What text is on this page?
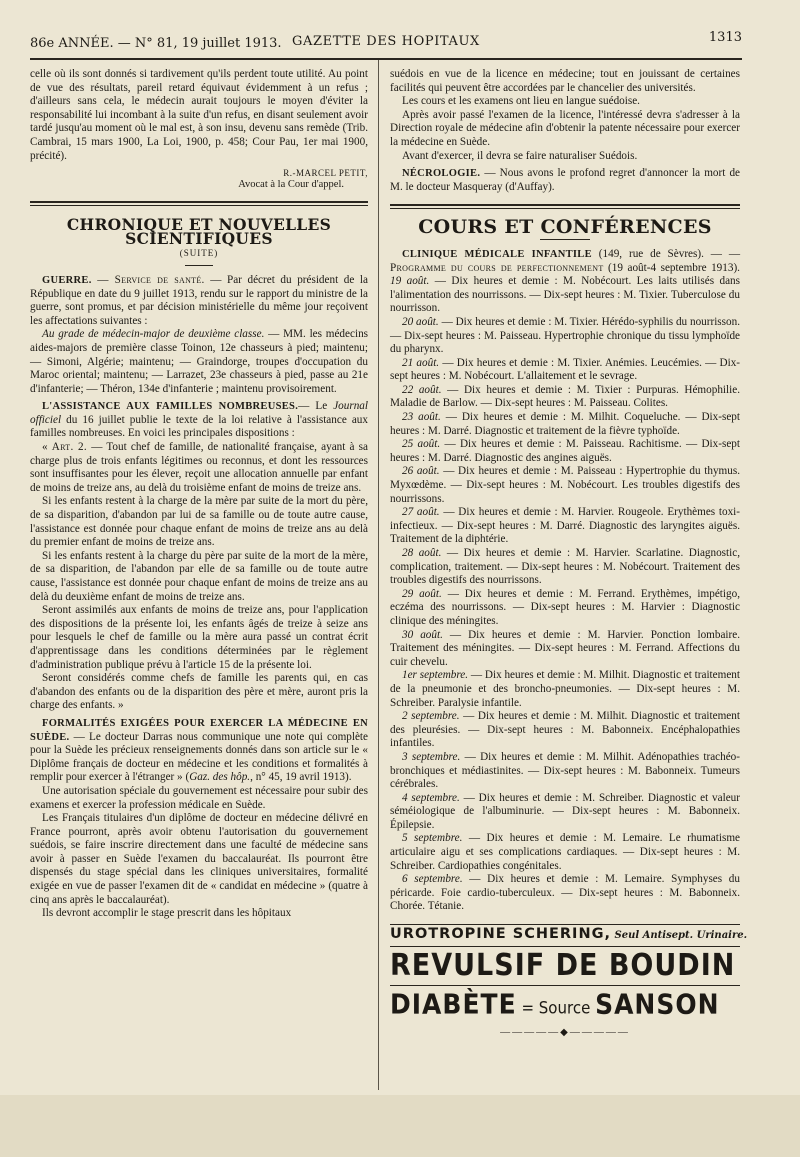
86e ANNÉE. — N° 81, 19 juillet 1913. GAZETTE DES HOPITAUX	1313

celle où ils sont donnés si tardivement qu'ils perdent toute utilité. Au point de vue des résultats, pareil retard équivaut évidemment à un refus ; d'ailleurs sans cela, le médecin aurait toujours le moyen d'éviter la responsabilité lui incombant à la suite d'un refus, en disant seulement avoir tardé jusqu'au moment où le mal est, à son insu, devenu sans remède (Trib. Cambrai, 15 mars 1900, La Loi, 1900, p. 458; Cour Pau, 1er mai 1900, précité).

R.-MARCEL PETIT,
Avocat à la Cour d'appel.
CHRONIQUE ET NOUVELLES SCIENTIFIQUES
(SUITE)

GUERRE. — Service de santé. — Par décret du président de la République en date du 9 juillet 1913, rendu sur le rapport du ministre de la guerre, sont promus, et par décision ministérielle du même jour reçoivent les affectations suivantes :

Au grade de médecin-major de deuxième classe. — MM. les médecins aides-majors de première classe Toinon, 12e chasseurs à pied; maintenu; — Simoni, Algérie; maintenu; — Graindorge, troupes d'occupation du Maroc oriental; maintenu; — Larrazet, 23e chasseurs à pied, passe au 21e d'infanterie; — Théron, 134e d'infanterie ; maintenu provisoirement.

L'ASSISTANCE AUX FAMILLES NOMBREUSES.— Le Journal officiel du 16 juillet publie le texte de la loi relative à l'assistance aux familles nombreuses. En voici les principales dispositions :

« Art. 2. — Tout chef de famille, de nationalité française, ayant à sa charge plus de trois enfants légitimes ou reconnus, et dont les ressources sont insuffisantes pour les élever, reçoit une allocation annuelle par enfant de moins de treize ans, au delà du troisième enfant de moins de treize ans.

Si les enfants restent à la charge de la mère par suite de la mort du père, de sa disparition, d'abandon par lui de sa famille ou de toute autre cause, l'assistance est donnée pour chaque enfant de moins de treize ans au delà du premier enfant de moins de treize ans.

Si les enfants restent à la charge du père par suite de la mort de la mère, de sa disparition, de l'abandon par elle de sa famille ou de toute autre cause, l'assistance est donnée pour chaque enfant de moins de treize ans au delà du deuxième enfant de moins de treize ans.

Seront assimilés aux enfants de moins de treize ans, pour l'application des dispositions de la présente loi, les enfants âgés de treize à seize ans pour lesquels le chef de famille ou la mère aura passé un contrat écrit d'apprentissage dans les conditions déterminées par le règlement d'administration publique prévu à l'article 15 de la présente loi.

Seront considérés comme chefs de famille les parents qui, en cas d'abandon des enfants ou de la disparition des père et mère, auront pris la charge des enfants. »

FORMALITÉS EXIGÉES POUR EXERCER LA MÉDECINE EN SUÈDE. — Le docteur Darras nous communique une note qui complète pour la Suède les précieux renseignements donnés dans son article sur le « Diplôme français de docteur en médecine et les conditions et formalités à remplir pour exercer à l'étranger » (Gaz. des hôp., n° 45, 19 avril 1913).

Une autorisation spéciale du gouvernement est nécessaire pour subir des examens et exercer la profession médicale en Suède.

Les Français titulaires d'un diplôme de docteur en médecine délivré en France pourront, après avoir obtenu l'autorisation du gouvernement suédois, se faire inscrire directement dans une faculté de médecine sans avoir à passer en Suède l'examen du baccalauréat. Ils pourront être dispensés du stage spécial dans les cliniques universitaires, formalité exigée en vue de passer l'examen dit de « candidat en médecine » (quatre à cinq ans après le baccalauréat).

Ils devront accomplir le stage prescrit dans les hôpitaux

suédois en vue de la licence en médecine; tout en jouissant de certaines facilités qui peuvent être accordées par le chancelier des universités.

Les cours et les examens ont lieu en langue suédoise.

Après avoir passé l'examen de la licence, l'intéressé devra s'adresser à la Direction royale de médecine afin d'obtenir la patente nécessaire pour exercer la médecine en Suède.

Avant d'exercer, il devra se faire naturaliser Suédois.

NÉCROLOGIE. — Nous avons le profond regret d'annoncer la mort de M. le docteur Masqueray (d'Auffay).

COURS ET CONFÉRENCES

CLINIQUE MÉDICALE INFANTILE (149, rue de Sèvres). — — Programme du cours de perfectionnement (19 août-4 septembre 1913). 19 août. — Dix heures et demie : M. Nobécourt. Les laits utilisés dans l'alimentation des nourrissons. — Dix-sept heures : M. Tixier. Tuberculose du nourrisson.

20 août. — Dix heures et demie : M. Tixier. Hérédo-syphilis du nourrisson. — Dix-sept heures : M. Paisseau. Hypertrophie chronique du tissu lymphoïde du pharynx.

21 août. — Dix heures et demie : M. Tixier. Anémies. Leucémies. — Dix-sept heures : M. Nobécourt. L'allaitement et le sevrage.

22 août. — Dix heures et demie : M. Tixier : Purpuras. Hémophilie. Maladie de Barlow. — Dix-sept heures : M. Paisseau. Colites.

23 août. — Dix heures et demie : M. Milhit. Coqueluche. — Dix-sept heures : M. Darré. Diagnostic et traitement de la fièvre typhoïde.

25 août. — Dix heures et demie : M. Paisseau. Rachitisme. — Dix-sept heures : M. Darré. Diagnostic des angines aiguës.

26 août. — Dix heures et demie : M. Paisseau : Hypertrophie du thymus. Myxœdème. — Dix-sept heures : M. Nobécourt. Les troubles digestifs des nourrissons.

27 août. — Dix heures et demie : M. Harvier. Rougeole. Erythèmes toxi-infectieux. — Dix-sept heures : M. Darré. Diagnostic des laryngites aiguës. Traitement de la diphtérie.

28 août. — Dix heures et demie : M. Harvier. Scarlatine. Diagnostic, complication, traitement. — Dix-sept heures : M. Nobécourt. Traitement des troubles digestifs des nourrissons.

29 août. — Dix heures et demie : M. Ferrand. Erythèmes, impétigo, eczéma des nourrissons. — Dix-sept heures : M. Harvier : Diagnostic clinique des méningites.

30 août. — Dix heures et demie : M. Harvier. Ponction lombaire. Traitement des méningites. — Dix-sept heures : M. Ferrand. Affections du cuir chevelu.

1er septembre. — Dix heures et demie : M. Milhit. Diagnostic et traitement de la pneumonie et des broncho-pneumonies. — Dix-sept heures : M. Schreiber. Paralysie infantile.

2 septembre. — Dix heures et demie : M. Milhit. Diagnostic et traitement des pleurésies. — Dix-sept heures : M. Babonneix. Encéphalopathies infantiles.

3 septembre. — Dix heures et demie : M. Milhit. Adénopathies trachéo-bronchiques et médiastinites. — Dix-sept heures : M. Babonneix. Tumeurs cérébrales.

4 septembre. — Dix heures et demie : M. Schreiber. Diagnostic et valeur séméiologique de l'albuminurie. — Dix-sept heures : M. Babonneix. Épilepsie.

5 septembre. — Dix heures et demie : M. Lemaire. Le rhumatisme articulaire aigu et ses complications cardiaques. — Dix-sept heures : M. Schreiber. Cardiopathies congénitales.

6 septembre. — Dix heures et demie : M. Lemaire. Symphyses du péricarde. Foie cardio-tuberculeux. — Dix-sept heures : M. Babonneix. Chorée. Tétanie.

UROTROPINE SCHERING, Seul Antisept. Urinaire.
REVULSIF DE BOUDIN
DIABÈTE = Source SANSON
—————◆—————
